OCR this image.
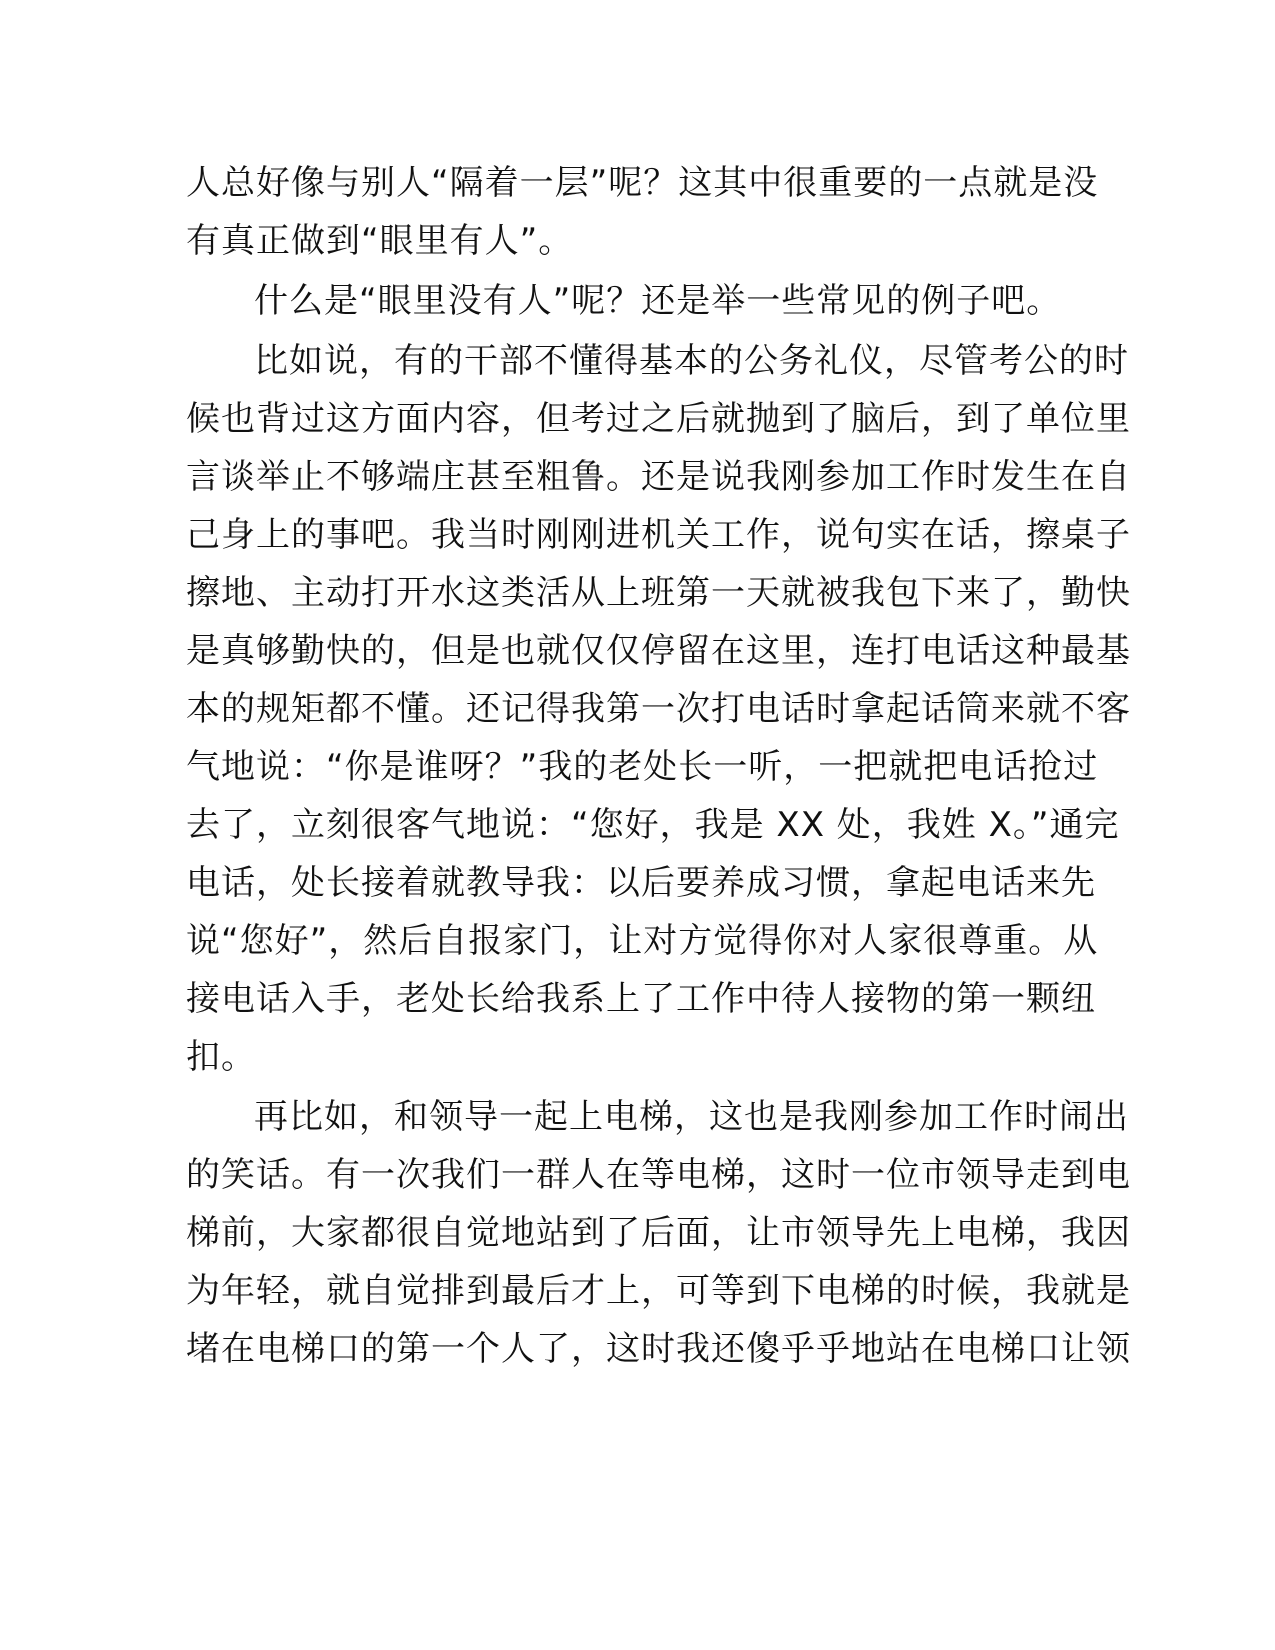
人总好像与别人“隔着一层”呢？这其中很重要的一点就是没
有真正做到“眼里有人”。

什么是“眼里没有人”呢？还是举一些常见的例子吧。

比如说，有的干部不懂得基本的公务礼仪，尽管考公的时
候也背过这方面内容，但考过之后就抛到了脑后，到了单位里
言谈举止不够端庄甚至粗鲁。还是说我刚参加工作时发生在自
己身上的事吧。我当时刚刚进机关工作，说句实在话，擦桌子
擦地、主动打开水这类活从上班第一天就被我包下来了，勤快
是真够勤快的，但是也就仅仅停留在这里，连打电话这种最基
本的规矩都不懂。还记得我第一次打电话时拿起话筒来就不客
气地说：“你是谁呀？”我的老处长一听，一把就把电话抢过
去了，立刻很客气地说：“您好，我是 XX 处，我姓 X。”通完
电话，处长接着就教导我：以后要养成习惯，拿起电话来先
说“您好”，然后自报家门，让对方觉得你对人家很尊重。从
接电话入手，老处长给我系上了工作中待人接物的第一颗纽
扣。

再比如，和领导一起上电梯，这也是我刚参加工作时闹出
的笑话。有一次我们一群人在等电梯，这时一位市领导走到电
梯前，大家都很自觉地站到了后面，让市领导先上电梯，我因
为年轻，就自觉排到最后才上，可等到下电梯的时候，我就是
堵在电梯口的第一个人了，这时我还傻乎乎地站在电梯口让领
